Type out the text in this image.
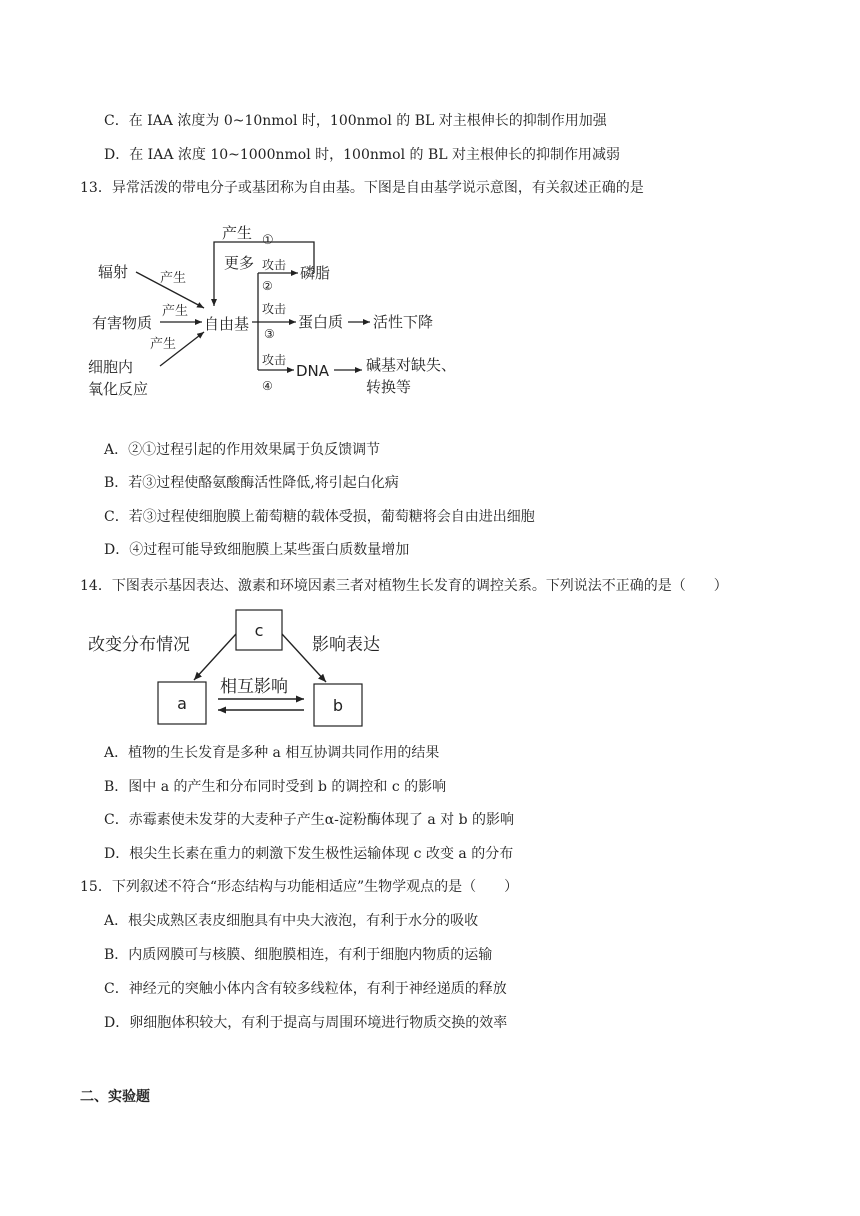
C．在 IAA 浓度为 0~10nmol 时，100nmol 的 BL 对主根伸长的抑制作用加强
D．在 IAA 浓度 10~1000nmol 时，100nmol 的 BL 对主根伸长的抑制作用减弱
13．异常活泼的带电分子或基团称为自由基。下图是自由基学说示意图，有关叙述正确的是
辐射
有害物质
细胞内
氧化反应
产生
产生
产生
自由基
产生 ①
更多 攻击 磷脂
②
攻击
③
蛋白质 活性下降
攻击
④
DNA 碱基对缺失、
转换等
A．②①过程引起的作用效果属于负反馈调节
B．若③过程使酪氨酸酶活性降低,将引起白化病
C．若③过程使细胞膜上葡萄糖的载体受损，葡萄糖将会自由进出细胞
D．④过程可能导致细胞膜上某些蛋白质数量增加
14．下图表示基因表达、激素和环境因素三者对植物生长发育的调控关系。下列说法不正确的是（　　）
c
a	b
改变分布情况	影响表达
相互影响
A．植物的生长发育是多种 a 相互协调共同作用的结果
B．图中 a 的产生和分布同时受到 b 的调控和 c 的影响
C．赤霉素使未发芽的大麦种子产生α-淀粉酶体现了 a 对 b 的影响
D．根尖生长素在重力的刺激下发生极性运输体现 c 改变 a 的分布
15．下列叙述不符合“形态结构与功能相适应”生物学观点的是（　　）
A．根尖成熟区表皮细胞具有中央大液泡，有利于水分的吸收
B．内质网膜可与核膜、细胞膜相连，有利于细胞内物质的运输
C．神经元的突触小体内含有较多线粒体，有利于神经递质的释放
D．卵细胞体积较大，有利于提高与周围环境进行物质交换的效率
二、实验题
